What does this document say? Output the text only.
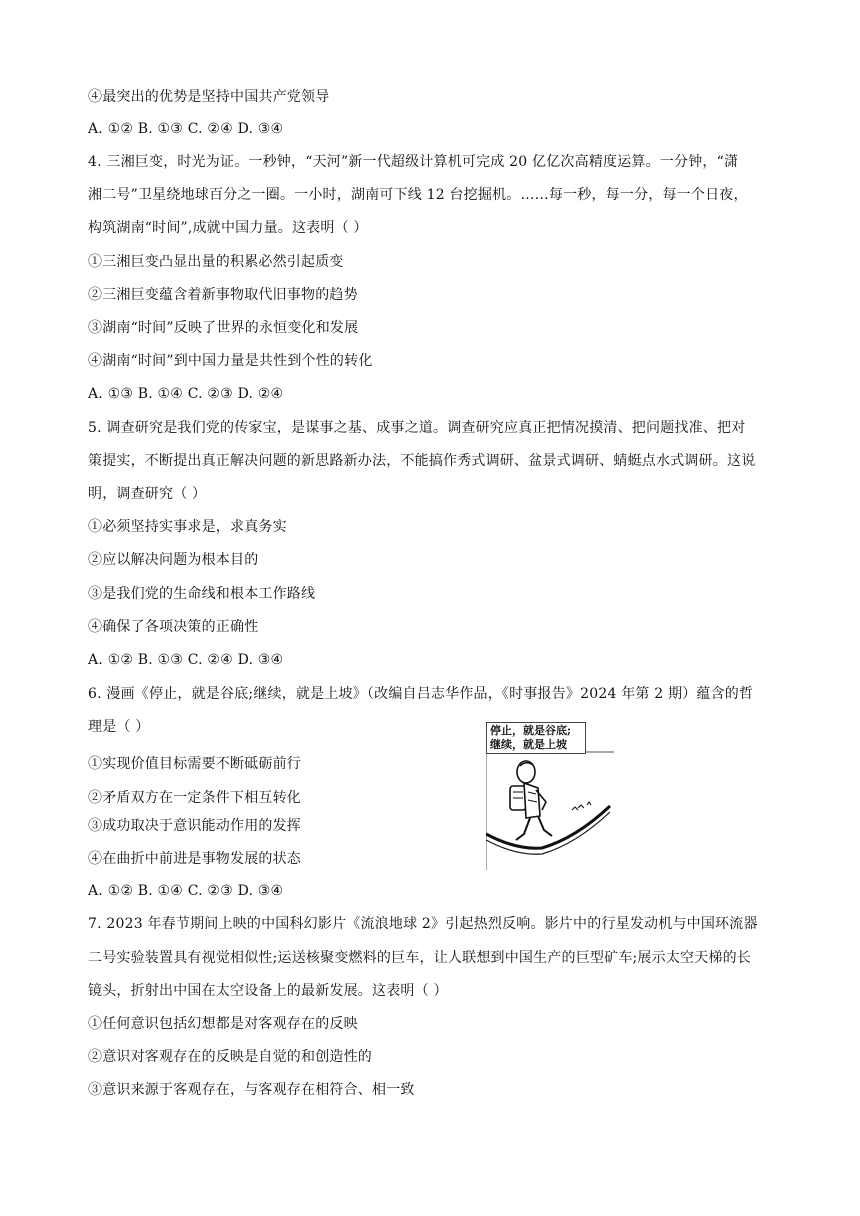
④最突出的优势是坚持中国共产党领导
A. ①② B. ①③ C. ②④ D. ③④
4. 三湘巨变，时光为证。一秒钟，“天河”新一代超级计算机可完成 20 亿亿次高精度运算。一分钟，“潇
湘二号”卫星绕地球百分之一圈。一小时，湖南可下线 12 台挖掘机。……每一秒，每一分，每一个日夜，
构筑湖南“时间”,成就中国力量。这表明（ ）
①三湘巨变凸显出量的积累必然引起质变
②三湘巨变蕴含着新事物取代旧事物的趋势
③湖南“时间”反映了世界的永恒变化和发展
④湖南“时间”到中国力量是共性到个性的转化
A. ①③ B. ①④ C. ②③ D. ②④
5. 调查研究是我们党的传家宝，是谋事之基、成事之道。调查研究应真正把情况摸清、把问题找准、把对
策提实，不断提出真正解决问题的新思路新办法，不能搞作秀式调研、盆景式调研、蜻蜓点水式调研。这说
明，调查研究（ ）
①必须坚持实事求是，求真务实
②应以解决问题为根本目的
③是我们党的生命线和根本工作路线
④确保了各项决策的正确性
A. ①② B. ①③ C. ②④ D. ③④
6. 漫画《停止，就是谷底;继续，就是上坡》（改编自吕志华作品，《时事报告》2024 年第 2 期）蕴含的哲
理是（ ）
①实现价值目标需要不断砥砺前行
②矛盾双方在一定条件下相互转化
③成功取决于意识能动作用的发挥
④在曲折中前进是事物发展的状态
A. ①② B. ①④ C. ②③ D. ③④
7. 2023 年春节期间上映的中国科幻影片《流浪地球 2》引起热烈反响。影片中的行星发动机与中国环流器
二号实验装置具有视觉相似性;运送核聚变燃料的巨车，让人联想到中国生产的巨型矿车;展示太空天梯的长
镜头，折射出中国在太空设备上的最新发展。这表明（ ）
①任何意识包括幻想都是对客观存在的反映
②意识对客观存在的反映是自觉的和创造性的
③意识来源于客观存在，与客观存在相符合、相一致
停止，就是谷底;
继续，就是上坡
